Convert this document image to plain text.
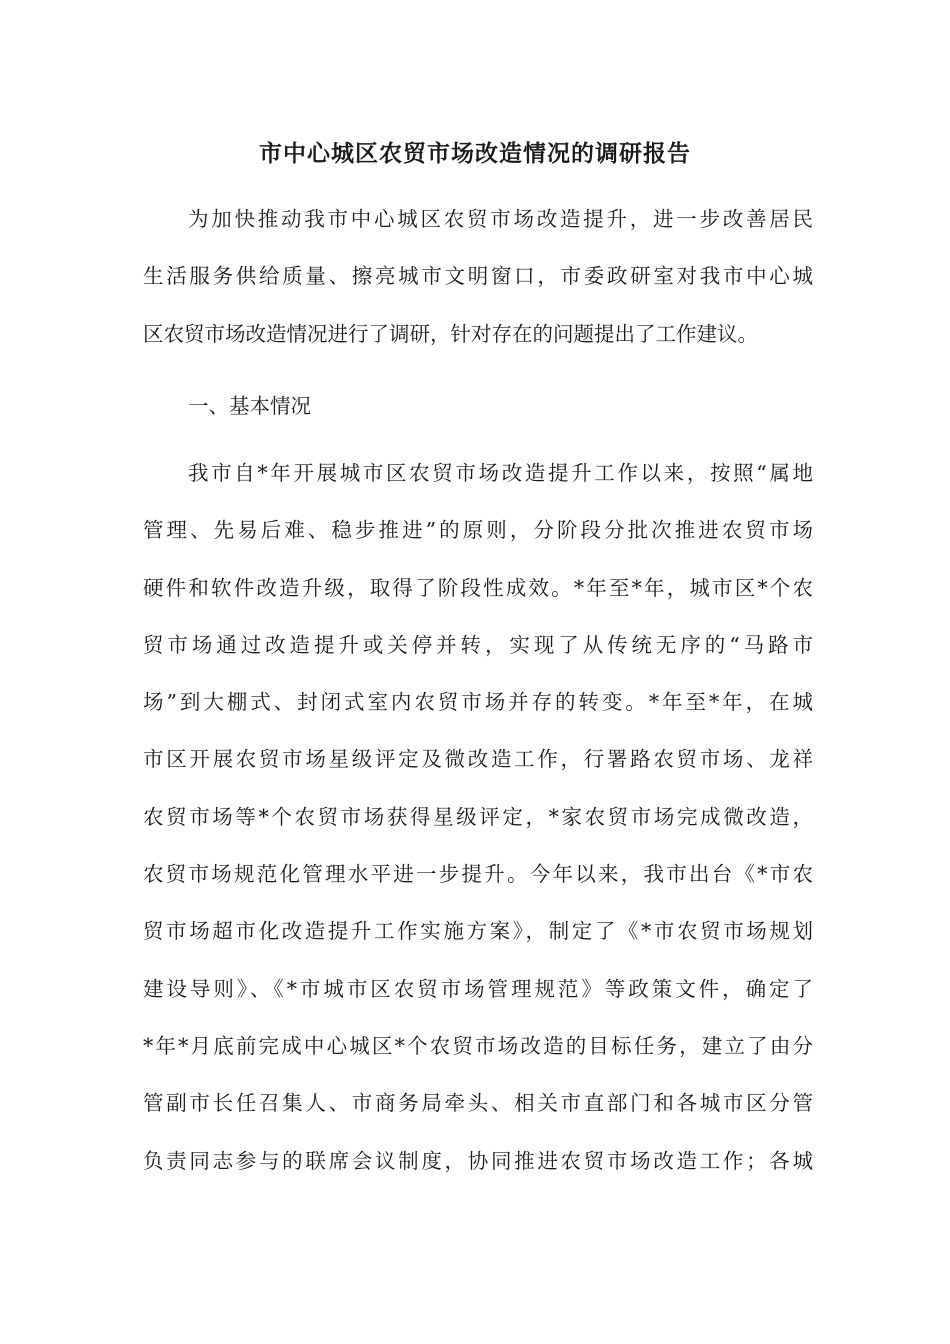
市中心城区农贸市场改造情况的调研报告
为加快推动我市中心城区农贸市场改造提升，进一步改善居民
生活服务供给质量、擦亮城市文明窗口，市委政研室对我市中心城
区农贸市场改造情况进行了调研，针对存在的问题提出了工作建议。
一、基本情况
我市自*年开展城市区农贸市场改造提升工作以来，按照“属地
管理、先易后难、稳步推进”的原则，分阶段分批次推进农贸市场
硬件和软件改造升级，取得了阶段性成效。*年至*年，城市区*个农
贸市场通过改造提升或关停并转，实现了从传统无序的“马路市
场”到大棚式、封闭式室内农贸市场并存的转变。*年至*年，在城
市区开展农贸市场星级评定及微改造工作，行署路农贸市场、龙祥
农贸市场等*个农贸市场获得星级评定，*家农贸市场完成微改造，
农贸市场规范化管理水平进一步提升。今年以来，我市出台《*市农
贸市场超市化改造提升工作实施方案》，制定了《*市农贸市场规划
建设导则》、《*市城市区农贸市场管理规范》等政策文件，确定了
*年*月底前完成中心城区*个农贸市场改造的目标任务，建立了由分
管副市长任召集人、市商务局牵头、相关市直部门和各城市区分管
负责同志参与的联席会议制度，协同推进农贸市场改造工作；各城
